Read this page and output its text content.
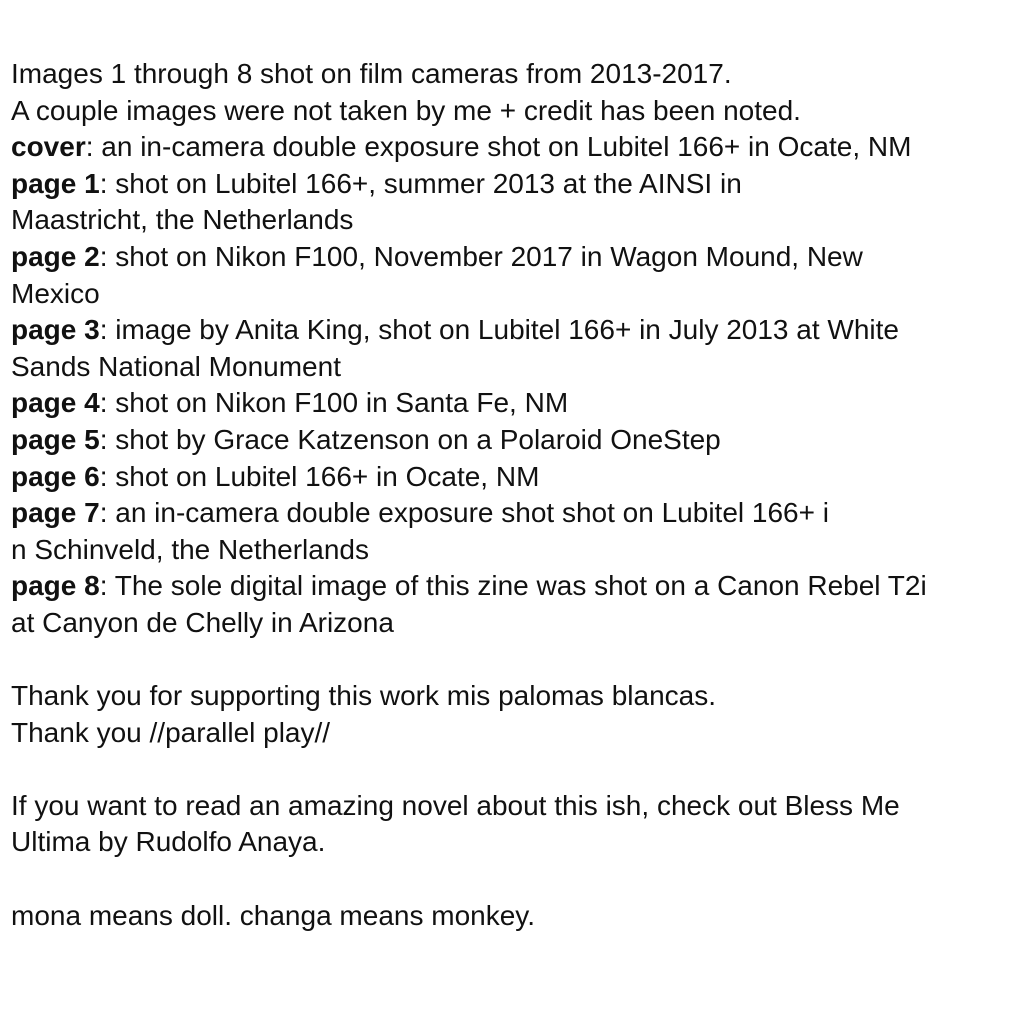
Images 1 through 8 shot on film cameras from 2013-2017.
A couple images were not taken by me + credit has been noted.
cover: an in-camera double exposure shot on Lubitel 166+ in Ocate, NM
page 1: shot on Lubitel 166+, summer 2013 at the AINSI in
Maastricht, the Netherlands
page 2: shot on Nikon F100, November 2017 in Wagon Mound, New
Mexico
page 3: image by Anita King, shot on Lubitel 166+ in July 2013 at White
Sands National Monument
page 4: shot on Nikon F100 in Santa Fe, NM
page 5: shot by Grace Katzenson on a Polaroid OneStep
page 6: shot on Lubitel 166+ in Ocate, NM
page 7: an in-camera double exposure shot shot on Lubitel 166+ i
n Schinveld, the Netherlands
page 8: The sole digital image of this zine was shot on a Canon Rebel T2i
at Canyon de Chelly in Arizona
Thank you for supporting this work mis palomas blancas.
Thank you //parallel play//
If you want to read an amazing novel about this ish, check out Bless Me
Ultima by Rudolfo Anaya.
mona means doll. changa means monkey.
